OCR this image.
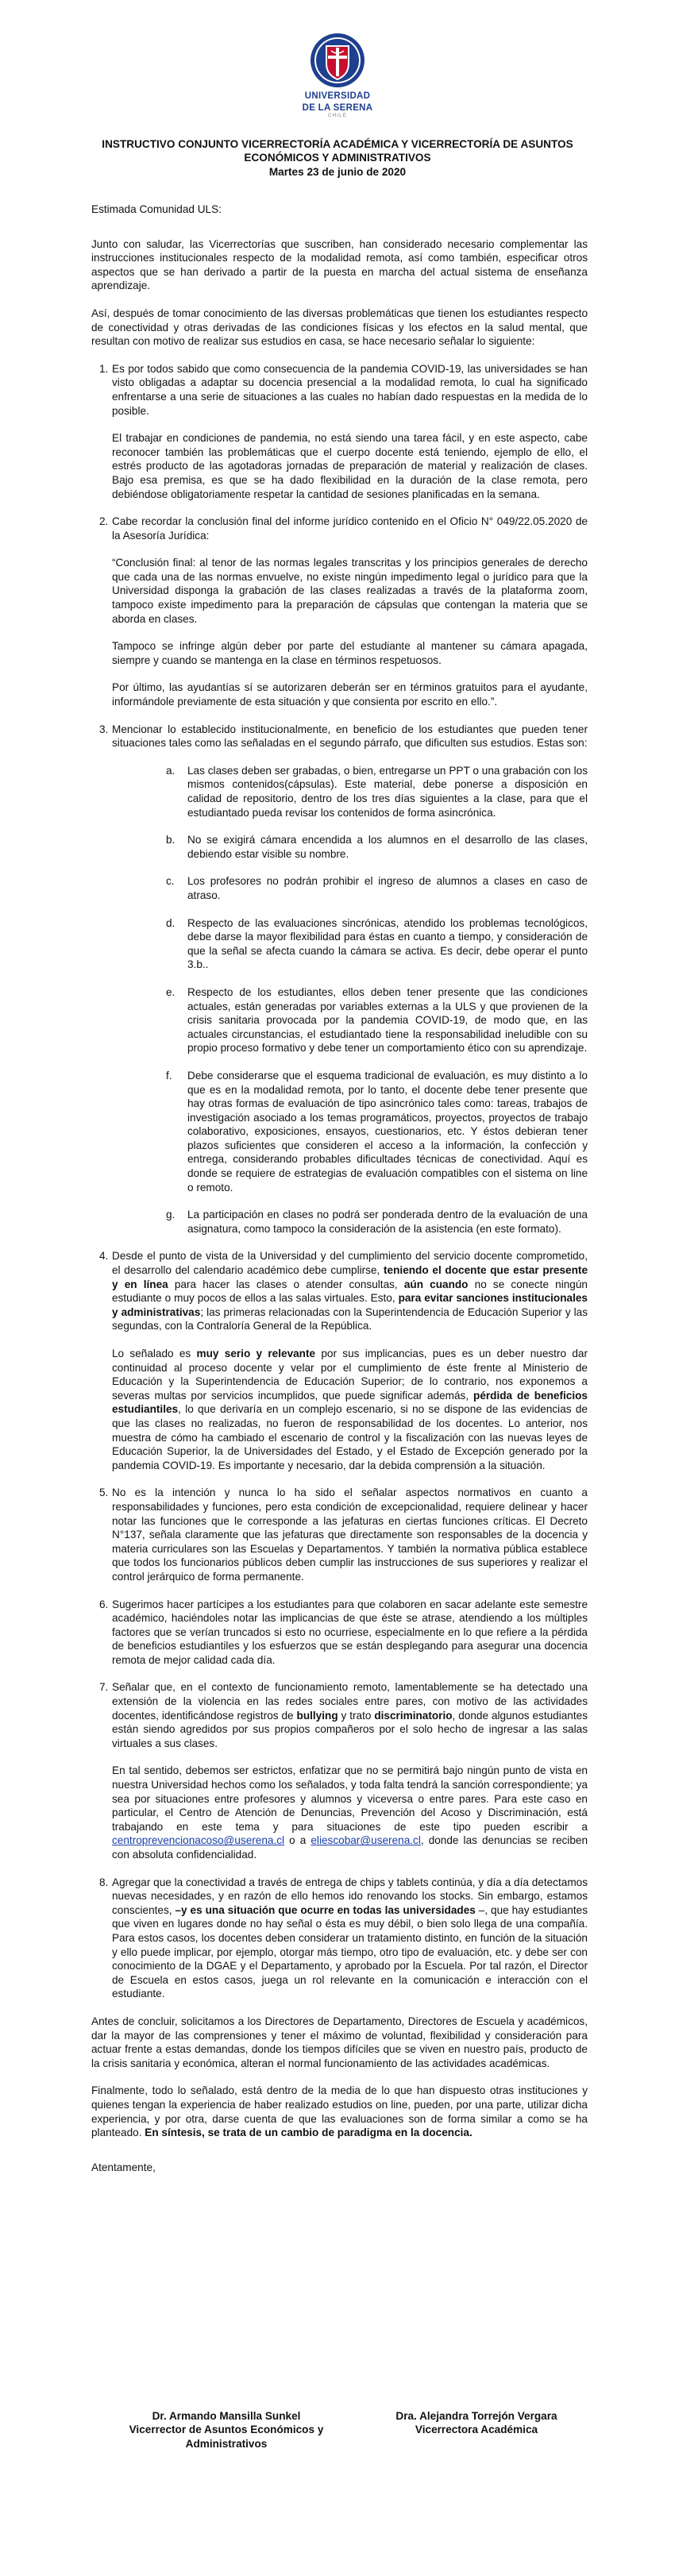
UNIVERSIDAD
DE LA SERENA
CHILE
INSTRUCTIVO CONJUNTO VICERRECTORÍA ACADÉMICA Y VICERRECTORÍA DE ASUNTOS
ECONÓMICOS Y ADMINISTRATIVOS
Martes 23 de junio de 2020

Estimada Comunidad ULS:

Junto con saludar, las Vicerrectorías que suscriben, han considerado necesario complementar las instrucciones institucionales respecto de la modalidad remota, así como también, especificar otros aspectos que se han derivado a partir de la puesta en marcha del actual sistema de enseñanza aprendizaje.

Así, después de tomar conocimiento de las diversas problemáticas que tienen los estudiantes respecto de conectividad y otras derivadas de las condiciones físicas y los efectos en la salud mental, que resultan con motivo de realizar sus estudios en casa, se hace necesario señalar lo siguiente:

1. Es por todos sabido que como consecuencia de la pandemia COVID-19, las universidades se han visto obligadas a adaptar su docencia presencial a la modalidad remota, lo cual ha significado enfrentarse a una serie de situaciones a las cuales no habían dado respuestas en la medida de lo posible.

El trabajar en condiciones de pandemia, no está siendo una tarea fácil, y en este aspecto, cabe reconocer también las problemáticas que el cuerpo docente está teniendo, ejemplo de ello, el estrés producto de las agotadoras jornadas de preparación de material y realización de clases. Bajo esa premisa, es que se ha dado flexibilidad en la duración de la clase remota, pero debiéndose obligatoriamente respetar la cantidad de sesiones planificadas en la semana.

2. Cabe recordar la conclusión final del informe jurídico contenido en el Oficio N° 049/22.05.2020 de la Asesoría Jurídica:

“Conclusión final: al tenor de las normas legales transcritas y los principios generales de derecho que cada una de las normas envuelve, no existe ningún impedimento legal o jurídico para que la Universidad disponga la grabación de las clases realizadas a través de la plataforma zoom, tampoco existe impedimento para la preparación de cápsulas que contengan la materia que se aborda en clases.

Tampoco se infringe algún deber por parte del estudiante al mantener su cámara apagada, siempre y cuando se mantenga en la clase en términos respetuosos.

Por último, las ayudantías sí se autorizaren deberán ser en términos gratuitos para el ayudante, informándole previamente de esta situación y que consienta por escrito en ello.”.

3. Mencionar lo establecido institucionalmente, en beneficio de los estudiantes que pueden tener situaciones tales como las señaladas en el segundo párrafo, que dificulten sus estudios. Estas son:

a. Las clases deben ser grabadas, o bien, entregarse un PPT o una grabación con los mismos contenidos(cápsulas). Este material, debe ponerse a disposición en calidad de repositorio, dentro de los tres días siguientes a la clase, para que el estudiantado pueda revisar los contenidos de forma asincrónica.
b. No se exigirá cámara encendida a los alumnos en el desarrollo de las clases, debiendo estar visible su nombre.
c. Los profesores no podrán prohibir el ingreso de alumnos a clases en caso de atraso.
d. Respecto de las evaluaciones sincrónicas, atendido los problemas tecnológicos, debe darse la mayor flexibilidad para éstas en cuanto a tiempo, y consideración de que la señal se afecta cuando la cámara se activa. Es decir, debe operar el punto 3.b..
e. Respecto de los estudiantes, ellos deben tener presente que las condiciones actuales, están generadas por variables externas a la ULS y que provienen de la crisis sanitaria provocada por la pandemia COVID-19, de modo que, en las actuales circunstancias, el estudiantado tiene la responsabilidad ineludible con su propio proceso formativo y debe tener un comportamiento ético con su aprendizaje.
f. Debe considerarse que el esquema tradicional de evaluación, es muy distinto a lo que es en la modalidad remota, por lo tanto, el docente debe tener presente que hay otras formas de evaluación de tipo asincrónico tales como: tareas, trabajos de investigación asociado a los temas programáticos, proyectos, proyectos de trabajo colaborativo, exposiciones, ensayos, cuestionarios, etc. Y éstos debieran tener plazos suficientes que consideren el acceso a la información, la confección y entrega, considerando probables dificultades técnicas de conectividad. Aquí es donde se requiere de estrategias de evaluación compatibles con el sistema on line o remoto.
g. La participación en clases no podrá ser ponderada dentro de la evaluación de una asignatura, como tampoco la consideración de la asistencia (en este formato).
4. Desde el punto de vista de la Universidad y del cumplimiento del servicio docente comprometido, el desarrollo del calendario académico debe cumplirse, teniendo el docente que estar presente y en línea para hacer las clases o atender consultas, aún cuando no se conecte ningún estudiante o muy pocos de ellos a las salas virtuales. Esto, para evitar sanciones institucionales y administrativas; las primeras relacionadas con la Superintendencia de Educación Superior y las segundas, con la Contraloría General de la República.

Lo señalado es muy serio y relevante por sus implicancias, pues es un deber nuestro dar continuidad al proceso docente y velar por el cumplimiento de éste frente al Ministerio de Educación y la Superintendencia de Educación Superior; de lo contrario, nos exponemos a severas multas por servicios incumplidos, que puede significar además, pérdida de beneficios estudiantiles, lo que derivaría en un complejo escenario, si no se dispone de las evidencias de que las clases no realizadas, no fueron de responsabilidad de los docentes. Lo anterior, nos muestra de cómo ha cambiado el escenario de control y la fiscalización con las nuevas leyes de Educación Superior, la de Universidades del Estado, y el Estado de Excepción generado por la pandemia COVID-19. Es importante y necesario, dar la debida comprensión a la situación.

5. No es la intención y nunca lo ha sido el señalar aspectos normativos en cuanto a responsabilidades y funciones, pero esta condición de excepcionalidad, requiere delinear y hacer notar las funciones que le corresponde a las jefaturas en ciertas funciones críticas. El Decreto N°137, señala claramente que las jefaturas que directamente son responsables de la docencia y materia curriculares son las Escuelas y Departamentos. Y también la normativa pública establece que todos los funcionarios públicos deben cumplir las instrucciones de sus superiores y realizar el control jerárquico de forma permanente.

6. Sugerimos hacer partícipes a los estudiantes para que colaboren en sacar adelante este semestre académico, haciéndoles notar las implicancias de que éste se atrase, atendiendo a los múltiples factores que se verían truncados si esto no ocurriese, especialmente en lo que refiere a la pérdida de beneficios estudiantiles y los esfuerzos que se están desplegando para asegurar una docencia remota de mejor calidad cada día.

7. Señalar que, en el contexto de funcionamiento remoto, lamentablemente se ha detectado una extensión de la violencia en las redes sociales entre pares, con motivo de las actividades docentes, identificándose registros de bullying y trato discriminatorio, donde algunos estudiantes están siendo agredidos por sus propios compañeros por el solo hecho de ingresar a las salas virtuales a sus clases.

En tal sentido, debemos ser estrictos, enfatizar que no se permitirá bajo ningún punto de vista en nuestra Universidad hechos como los señalados, y toda falta tendrá la sanción correspondiente; ya sea por situaciones entre profesores y alumnos y viceversa o entre pares. Para este caso en particular, el Centro de Atención de Denuncias, Prevención del Acoso y Discriminación, está trabajando en este tema y para situaciones de este tipo pueden escribir a centroprevencionacoso@userena.cl o a eliescobar@userena.cl, donde las denuncias se reciben con absoluta confidencialidad.

8. Agregar que la conectividad a través de entrega de chips y tablets continúa, y día a día detectamos nuevas necesidades, y en razón de ello hemos ido renovando los stocks. Sin embargo, estamos conscientes, –y es una situación que ocurre en todas las universidades –, que hay estudiantes que viven en lugares donde no hay señal o ésta es muy débil, o bien solo llega de una compañía. Para estos casos, los docentes deben considerar un tratamiento distinto, en función de la situación y ello puede implicar, por ejemplo, otorgar más tiempo, otro tipo de evaluación, etc. y debe ser con conocimiento de la DGAE y el Departamento, y aprobado por la Escuela. Por tal razón, el Director de Escuela en estos casos, juega un rol relevante en la comunicación e interacción con el estudiante.

Antes de concluir, solicitamos a los Directores de Departamento, Directores de Escuela y académicos, dar la mayor de las comprensiones y tener el máximo de voluntad, flexibilidad y consideración para actuar frente a estas demandas, donde los tiempos difíciles que se viven en nuestro país, producto de la crisis sanitaria y económica, alteran el normal funcionamiento de las actividades académicas.

Finalmente, todo lo señalado, está dentro de la media de lo que han dispuesto otras instituciones y quienes tengan la experiencia de haber realizado estudios on line, pueden, por una parte, utilizar dicha experiencia, y por otra, darse cuenta de que las evaluaciones son de forma similar a como se ha planteado. En síntesis, se trata de un cambio de paradigma en la docencia.

Atentamente,

Dr. Armando Mansilla Sunkel
Vicerrector de Asuntos Económicos y
Administrativos
Dra. Alejandra Torrejón Vergara
Vicerrectora Académica
